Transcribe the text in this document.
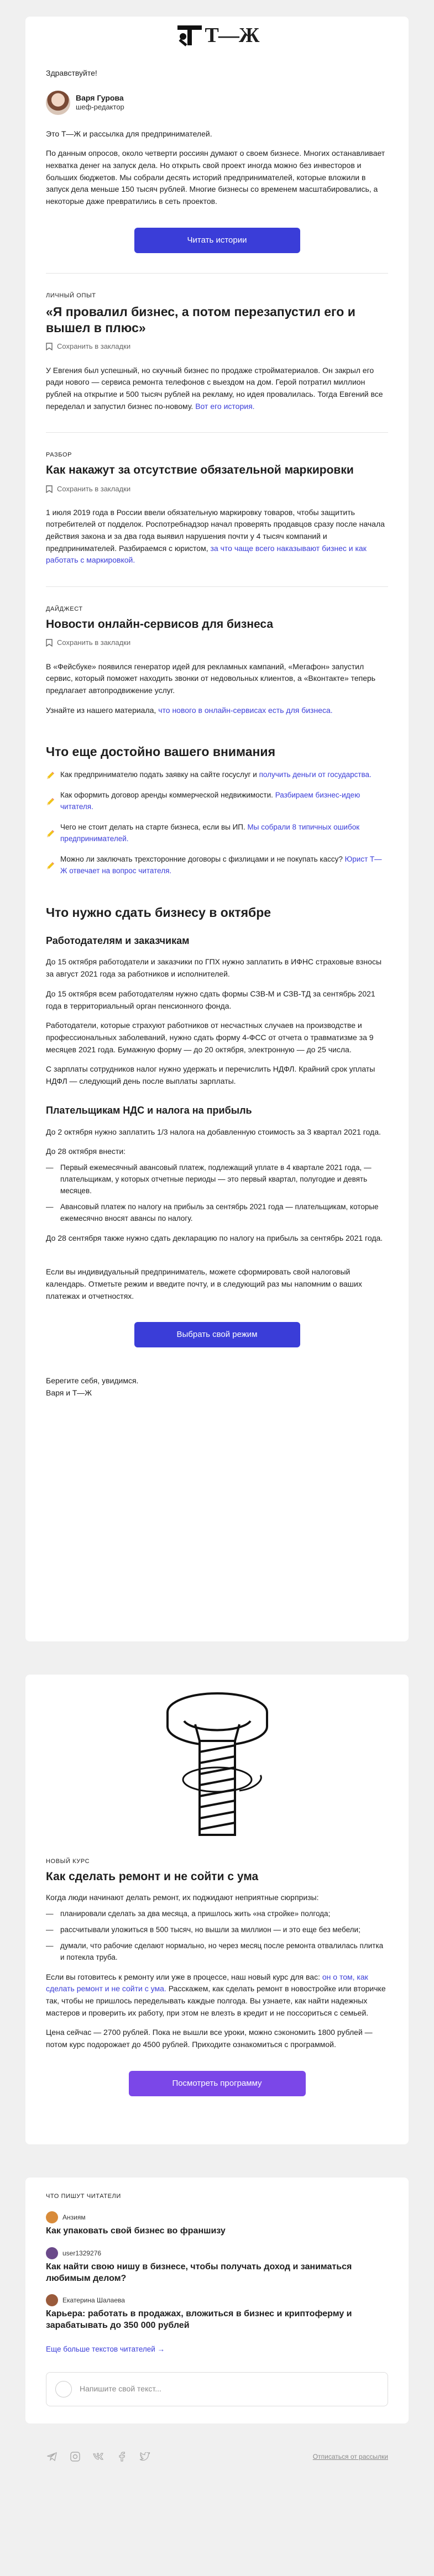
Т—Ж
Здравствуйте!
Варя Гурова
шеф-редактор

Это Т—Ж и рассылка для предпринимателей.

По данным опросов, около четверти россиян думают о своем бизнесе. Многих останавливает нехватка денег на запуск дела. Но открыть свой проект иногда можно без инвесторов и больших бюджетов. Мы собрали десять историй предпринимателей, которые вложили в запуск дела меньше 150 тысяч рублей. Многие бизнесы со временем масштабировались, а некоторые даже превратились в сеть проектов.

Читать истории
ЛИЧНЫЙ ОПЫТ
«Я провалил бизнес, а потом перезапустил его и вышел в плюс»
Сохранить в закладки

У Евгения был успешный, но скучный бизнес по продаже стройматериалов. Он закрыл его ради нового — сервиса ремонта телефонов с выездом на дом. Герой потратил миллион рублей на открытие и 500 тысяч рублей на рекламу, но идея провалилась. Тогда Евгений все переделал и запустил бизнес по-новому. Вот его история.

РАЗБОР
Как накажут за отсутствие обязательной маркировки
Сохранить в закладки

1 июля 2019 года в России ввели обязательную маркировку товаров, чтобы защитить потребителей от подделок. Роспотребнадзор начал проверять продавцов сразу после начала действия закона и за два года выявил нарушения почти у 4 тысяч компаний и предпринимателей. Разбираемся с юристом, за что чаще всего наказывают бизнес и как работать с маркировкой.

ДАЙДЖЕСТ
Новости онлайн-сервисов для бизнеса
Сохранить в закладки

В «Фейсбуке» появился генератор идей для рекламных кампаний, «Мегафон» запустил сервис, который поможет находить звонки от недовольных клиентов, а «Вконтакте» теперь предлагает автопродвижение услуг.

Узнайте из нашего материала, что нового в онлайн-сервисах есть для бизнеса.

Что еще достойно вашего внимания
Как предпринимателю подать заявку на сайте госуслуг и получить деньги от государства.
Как оформить договор аренды коммерческой недвижимости. Разбираем бизнес-идею читателя.
Чего не стоит делать на старте бизнеса, если вы ИП. Мы собрали 8 типичных ошибок предпринимателей.
Можно ли заключать трехсторонние договоры с физлицами и не покупать кассу? Юрист Т—Ж отвечает на вопрос читателя.
Что нужно сдать бизнесу в октябре
Работодателям и заказчикам

До 15 октября работодатели и заказчики по ГПХ нужно заплатить в ИФНС страховые взносы за август 2021 года за работников и исполнителей.

До 15 октября всем работодателям нужно сдать формы СЗВ-М и СЗВ-ТД за сентябрь 2021 года в территориальный орган пенсионного фонда.

Работодатели, которые страхуют работников от несчастных случаев на производстве и профессиональных заболеваний, нужно сдать форму 4-ФСС от отчета о травматизме за 9 месяцев 2021 года. Бумажную форму — до 20 октября, электронную — до 25 числа.

С зарплаты сотрудников налог нужно удержать и перечислить НДФЛ. Крайний срок уплаты НДФЛ — следующий день после выплаты зарплаты.

Плательщикам НДС и налога на прибыль

До 2 октября нужно заплатить 1/3 налога на добавленную стоимость за 3 квартал 2021 года.

До 28 октября внести:

— Первый ежемесячный авансовый платеж, подлежащий уплате в 4 квартале 2021 года, — плательщикам, у которых отчетные периоды — это первый квартал, полугодие и девять месяцев.
— Авансовый платеж по налогу на прибыль за сентябрь 2021 года — плательщикам, которые ежемесячно вносят авансы по налогу.

До 28 сентября также нужно сдать декларацию по налогу на прибыль за сентябрь 2021 года.

Если вы индивидуальный предприниматель, можете сформировать свой налоговый календарь. Отметьте режим и введите почту, и в следующий раз мы напомним о ваших платежах и отчетностях.

Выбрать свой режим
Берегите себя, увидимся.
Варя и Т—Ж
НОВЫЙ КУРС
Как сделать ремонт и не сойти с ума

Когда люди начинают делать ремонт, их поджидают неприятные сюрпризы:

— планировали сделать за два месяца, а пришлось жить «на стройке» полгода;
— рассчитывали уложиться в 500 тысяч, но вышли за миллион — и это еще без мебели;
— думали, что рабочие сделают нормально, но через месяц после ремонта отвалилась плитка и потекла труба.

Если вы готовитесь к ремонту или уже в процессе, наш новый курс для вас: он о том, как сделать ремонт и не сойти с ума. Расскажем, как сделать ремонт в новостройке или вторичке так, чтобы не пришлось переделывать каждые полгода. Вы узнаете, как найти надежных мастеров и проверить их работу, при этом не влезть в кредит и не поссориться с семьей.

Цена сейчас — 2700 рублей. Пока не вышли все уроки, можно сэкономить 1800 рублей — потом курс подорожает до 4500 рублей. Приходите ознакомиться с программой.

Посмотреть программу
ЧТО ПИШУТ ЧИТАТЕЛИ
Анзиям
Как упаковать свой бизнес во франшизу
user1329276
Как найти свою нишу в бизнесе, чтобы получать доход и заниматься любимым делом?
Екатерина Шалаева
Карьера: работать в продажах, вложиться в бизнес и криптоферму и зарабатывать до 350 000 рублей

Еще больше текстов читателей →

Напишите свой текст...
Отписаться от рассылки
